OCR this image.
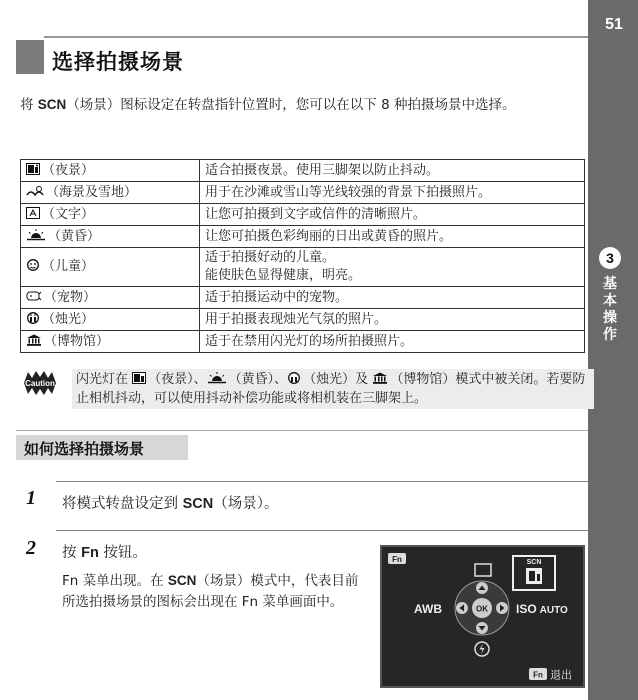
51
3
基本操作
选择拍摄场景
将 SCN（场景）图标设定在转盘指针位置时，您可以在以下 8 种拍摄场景中选择。
（夜景）	适合拍摄夜景。使用三脚架以防止抖动。
（海景及雪地）	用于在沙滩或雪山等光线较强的背景下拍摄照片。
（文字）	让您可拍摄到文字或信件的清晰照片。
（黄昏）	让您可拍摄色彩绚丽的日出或黄昏的照片。
（儿童）	适于拍摄好动的儿童。
能使肤色显得健康，明亮。

（宠物）	适于拍摄运动中的宠物。
（烛光）	用于拍摄表现烛光气氛的照片。
（博物馆）	适于在禁用闪光灯的场所拍摄照片。
Caution	闪光灯在 （夜景）、 （黄昏）、 （烛光）及 （博物馆）模式中被关闭。若要防止相机抖动，可以使用抖动补偿功能或将相机装在三脚架上。
如何选择拍摄场景
1 将模式转盘设定到 SCN（场景）。
2 按 Fn 按钮。
Fn 菜单出现。在 SCN（场景）模式中，代表目前所选拍摄场景的图标会出现在 Fn 菜单画面中。
Fn	SCN
AWB	OK ISO AUTO
Fn 退出
